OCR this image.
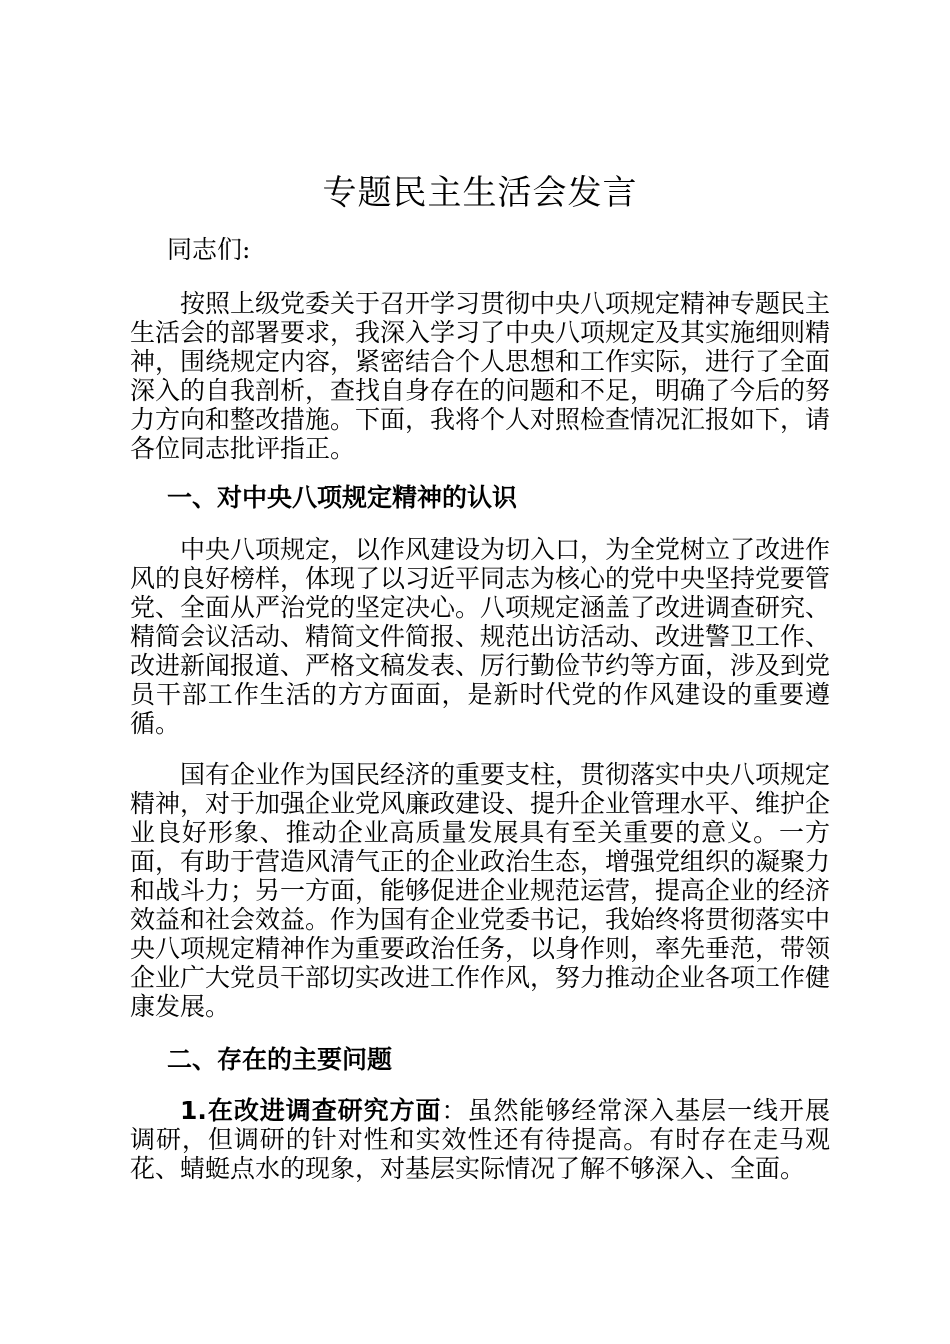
专题民主生活会发言

同志们:

按照上级党委关于召开学习贯彻中央八项规定精神专题民主生活会的部署要求，我深入学习了中央八项规定及其实施细则精神，围绕规定内容，紧密结合个人思想和工作实际，进行了全面深入的自我剖析，查找自身存在的问题和不足，明确了今后的努力方向和整改措施。下面，我将个人对照检查情况汇报如下，请各位同志批评指正。

一、对中央八项规定精神的认识

中央八项规定，以作风建设为切入口，为全党树立了改进作风的良好榜样，体现了以习近平同志为核心的党中央坚持党要管党、全面从严治党的坚定决心。八项规定涵盖了改进调查研究、精简会议活动、精简文件简报、规范出访活动、改进警卫工作、改进新闻报道、严格文稿发表、厉行勤俭节约等方面，涉及到党员干部工作生活的方方面面，是新时代党的作风建设的重要遵循。

国有企业作为国民经济的重要支柱，贯彻落实中央八项规定精神，对于加强企业党风廉政建设、提升企业管理水平、维护企业良好形象、推动企业高质量发展具有至关重要的意义。一方面，有助于营造风清气正的企业政治生态，增强党组织的凝聚力和战斗力；另一方面，能够促进企业规范运营，提高企业的经济效益和社会效益。作为国有企业党委书记，我始终将贯彻落实中央八项规定精神作为重要政治任务，以身作则，率先垂范，带领企业广大党员干部切实改进工作作风，努力推动企业各项工作健康发展。

二、存在的主要问题

1.在改进调查研究方面：虽然能够经常深入基层一线开展调研，但调研的针对性和实效性还有待提高。有时存在走马观花、蜻蜓点水的现象，对基层实际情况了解不够深入、全面。
